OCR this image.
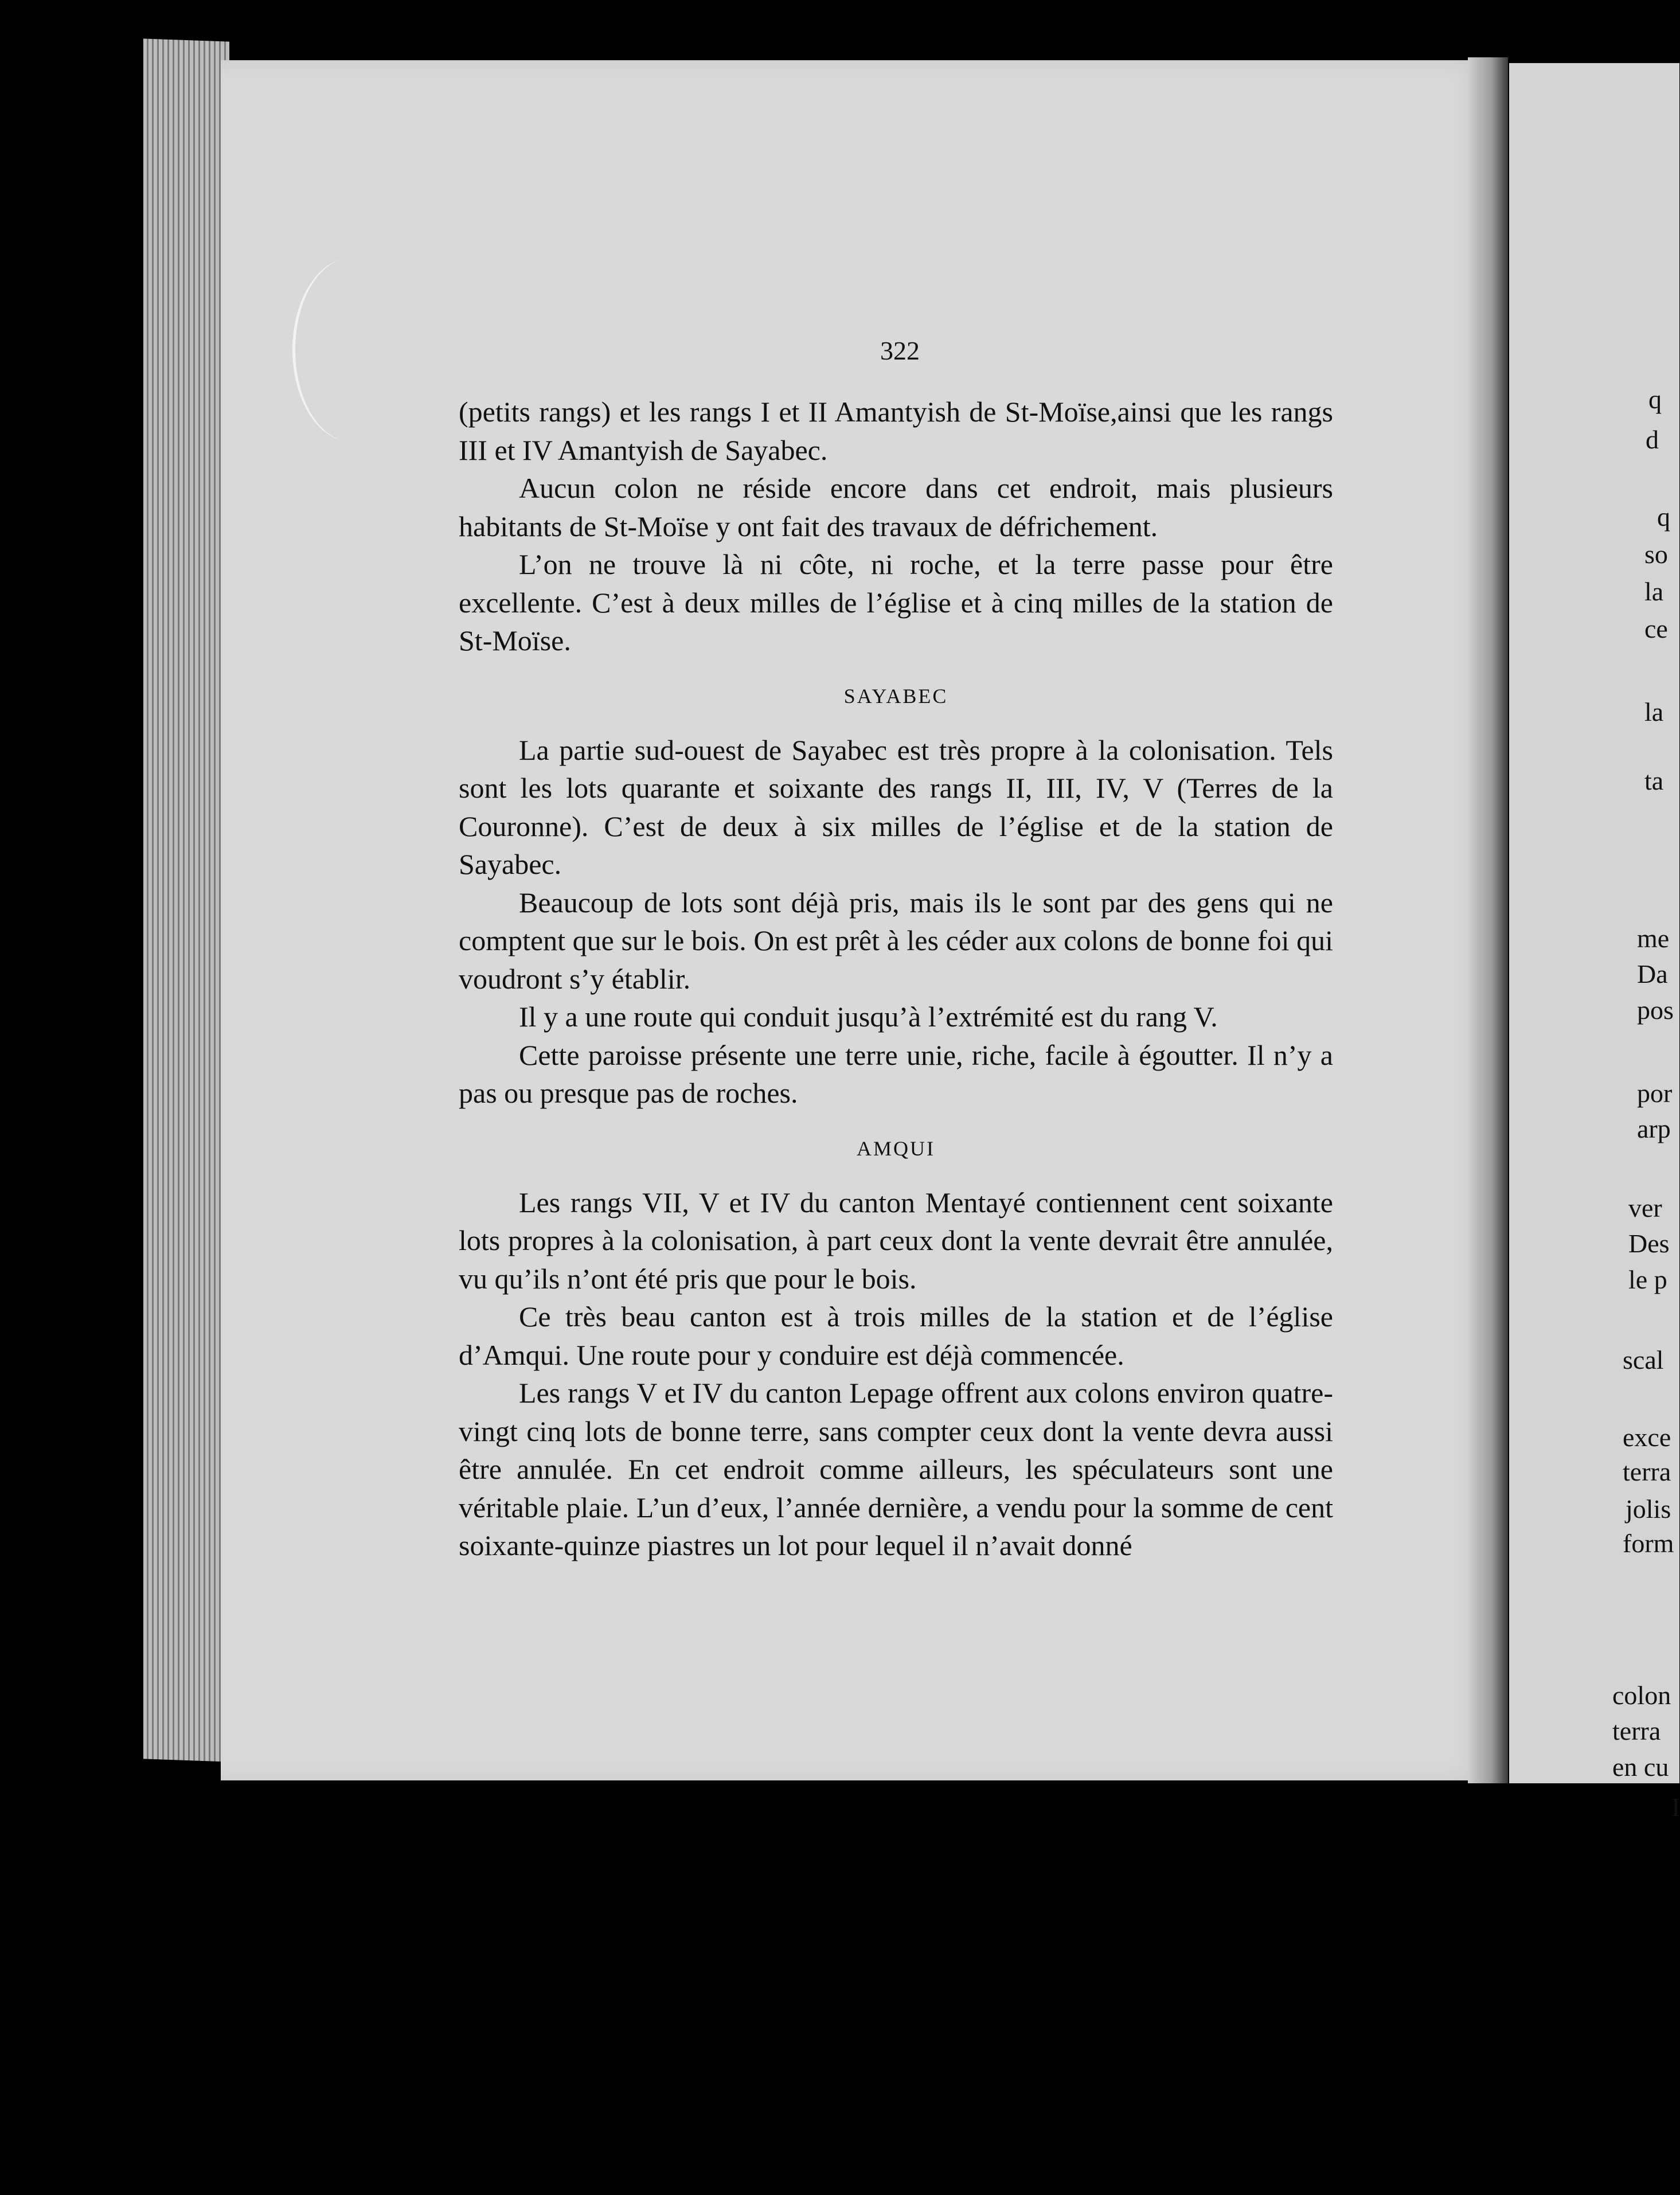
q
d
q
so
la
ce
la
ta
me
Da
pos
por
arp
ver
Des
le p
scal
exce
terra
jolis
form
colon
terra
en cu
I
322

(petits rangs) et les rangs I et II Amantyish de St-Moïse,ainsi que les rangs III et IV Amantyish de Sayabec.

Aucun colon ne réside encore dans cet endroit, mais plusieurs habitants de St-Moïse y ont fait des travaux de défrichement.

L’on ne trouve là ni côte, ni roche, et la terre passe pour être excellente. C’est à deux milles de l’église et à cinq milles de la station de St-Moïse.

SAYABEC

La partie sud-ouest de Sayabec est très propre à la colonisation. Tels sont les lots quarante et soixante des rangs II, III, IV, V (Terres de la Couronne). C’est de deux à six milles de l’église et de la station de Sayabec.

Beaucoup de lots sont déjà pris, mais ils le sont par des gens qui ne comptent que sur le bois. On est prêt à les céder aux colons de bonne foi qui voudront s’y établir.

Il y a une route qui conduit jusqu’à l’extrémité est du rang V.

Cette paroisse présente une terre unie, riche, facile à égoutter. Il n’y a pas ou presque pas de roches.

AMQUI

Les rangs VII, V et IV du canton Mentayé contiennent cent soixante lots propres à la colonisation, à part ceux dont la vente devrait être annulée, vu qu’ils n’ont été pris que pour le bois.

Ce très beau canton est à trois milles de la station et de l’église d’Amqui. Une route pour y conduire est déjà commencée.

Les rangs V et IV du canton Lepage offrent aux colons environ quatre-vingt cinq lots de bonne terre, sans compter ceux dont la vente devra aussi être annulée. En cet endroit comme ailleurs, les spéculateurs sont une véritable plaie. L’un d’eux, l’année dernière, a vendu pour la somme de cent soixante-quinze piastres un lot pour lequel il n’avait donné
